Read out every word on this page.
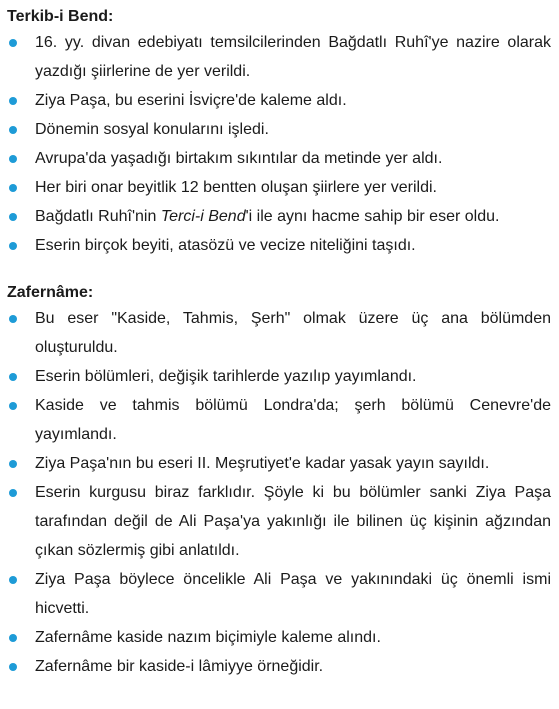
Terkib-i Bend:
16. yy. divan edebiyatı temsilcilerinden Bağdatlı Ruhî'ye nazire olarak yazdığı şiirlerine de yer verildi.
Ziya Paşa, bu eserini İsviçre'de kaleme aldı.
Dönemin sosyal konularını işledi.
Avrupa'da yaşadığı birtakım sıkıntılar da metinde yer aldı.
Her biri onar beyitlik 12 bentten oluşan şiirlere yer verildi.
Bağdatlı Ruhî'nin Terci-i Bend'i ile aynı hacme sahip bir eser oldu.
Eserin birçok beyiti, atasözü ve vecize niteliğini taşıdı.
Zafernâme:
Bu eser "Kaside, Tahmis, Şerh" olmak üzere üç ana bölümden oluşturuldu.
Eserin bölümleri, değişik tarihlerde yazılıp yayımlandı.
Kaside ve tahmis bölümü Londra'da; şerh bölümü Cenevre'de yayımlandı.
Ziya Paşa'nın bu eseri II. Meşrutiyet'e kadar yasak yayın sayıldı.
Eserin kurgusu biraz farklıdır. Şöyle ki bu bölümler sanki Ziya Paşa tarafından değil de Ali Paşa'ya yakınlığı ile bilinen üç kişinin ağzından çıkan sözlermiş gibi anlatıldı.
Ziya Paşa böylece öncelikle Ali Paşa ve yakınındaki üç önemli ismi hicvetti.
Zafernâme kaside nazım biçimiyle kaleme alındı.
Zafernâme bir kaside-i lâmiyye örneğidir.
